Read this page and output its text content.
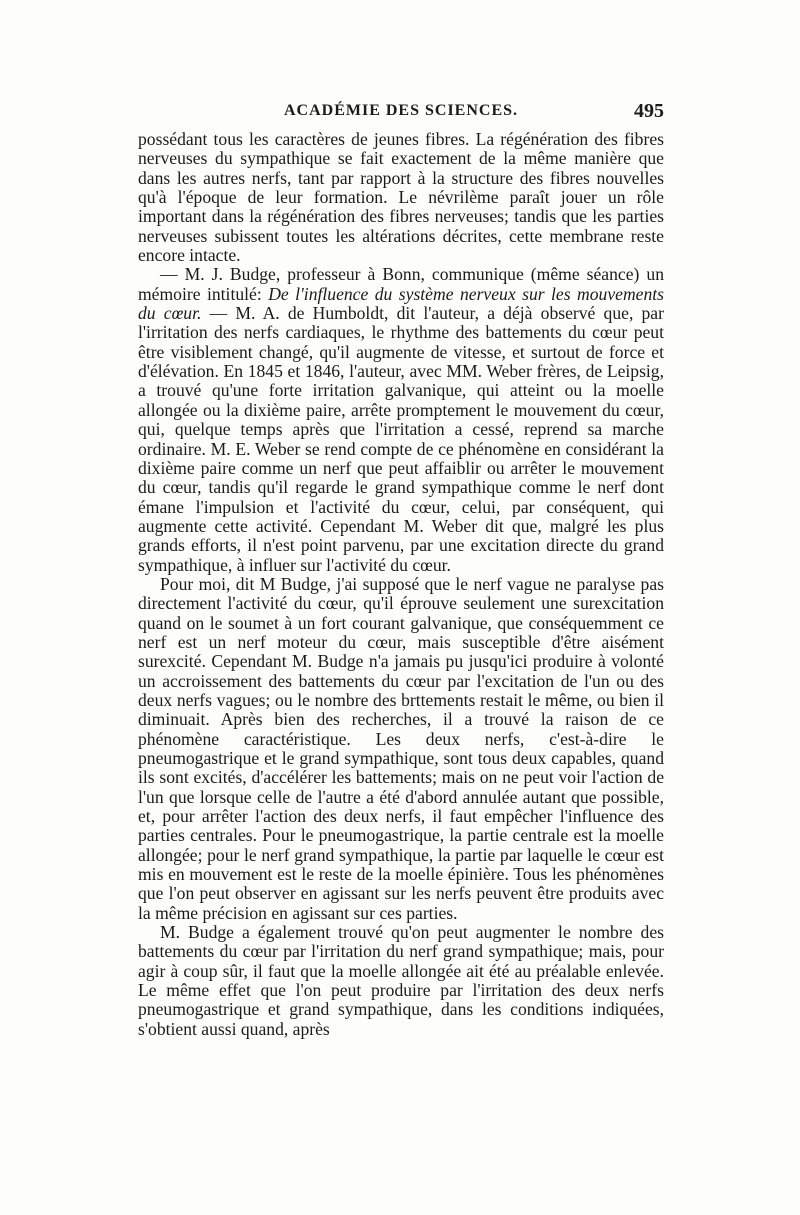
ACADÉMIE DES SCIENCES.	495

possédant tous les caractères de jeunes fibres. La régénération des fibres nerveuses du sympathique se fait exactement de la même manière que dans les autres nerfs, tant par rapport à la structure des fibres nouvelles qu'à l'époque de leur formation. Le névrilème paraît jouer un rôle important dans la régénération des fibres nerveuses; tandis que les parties nerveuses subissent toutes les altérations décrites, cette membrane reste encore intacte.

— M. J. Budge, professeur à Bonn, communique (même séance) un mémoire intitulé: De l'influence du système nerveux sur les mouvements du cœur. — M. A. de Humboldt, dit l'auteur, a déjà observé que, par l'irritation des nerfs cardiaques, le rhythme des battements du cœur peut être visiblement changé, qu'il augmente de vitesse, et surtout de force et d'élévation. En 1845 et 1846, l'auteur, avec MM. Weber frères, de Leipsig, a trouvé qu'une forte irritation galvanique, qui atteint ou la moelle allongée ou la dixième paire, arrête promptement le mouvement du cœur, qui, quelque temps après que l'irritation a cessé, reprend sa marche ordinaire. M. E. Weber se rend compte de ce phénomène en considérant la dixième paire comme un nerf que peut affaiblir ou arrêter le mouvement du cœur, tandis qu'il regarde le grand sympathique comme le nerf dont émane l'impulsion et l'activité du cœur, celui, par conséquent, qui augmente cette activité. Cependant M. Weber dit que, malgré les plus grands efforts, il n'est point parvenu, par une excitation directe du grand sympathique, à influer sur l'activité du cœur.

Pour moi, dit M Budge, j'ai supposé que le nerf vague ne paralyse pas directement l'activité du cœur, qu'il éprouve seulement une surexcitation quand on le soumet à un fort courant galvanique, que conséquemment ce nerf est un nerf moteur du cœur, mais susceptible d'être aisément surexcité. Cependant M. Budge n'a jamais pu jusqu'ici produire à volonté un accroissement des battements du cœur par l'excitation de l'un ou des deux nerfs vagues; ou le nombre des brttements restait le même, ou bien il diminuait. Après bien des recherches, il a trouvé la raison de ce phénomène caractéristique. Les deux nerfs, c'est-à-dire le pneumogastrique et le grand sympathique, sont tous deux capables, quand ils sont excités, d'accélérer les battements; mais on ne peut voir l'action de l'un que lorsque celle de l'autre a été d'abord annulée autant que possible, et, pour arrêter l'action des deux nerfs, il faut empêcher l'influence des parties centrales. Pour le pneumogastrique, la partie centrale est la moelle allongée; pour le nerf grand sympathique, la partie par laquelle le cœur est mis en mouvement est le reste de la moelle épinière. Tous les phénomènes que l'on peut observer en agissant sur les nerfs peuvent être produits avec la même précision en agissant sur ces parties.

M. Budge a également trouvé qu'on peut augmenter le nombre des battements du cœur par l'irritation du nerf grand sympathique; mais, pour agir à coup sûr, il faut que la moelle allongée ait été au préalable enlevée. Le même effet que l'on peut produire par l'irritation des deux nerfs pneumogastrique et grand sympathique, dans les conditions indiquées, s'obtient aussi quand, après
